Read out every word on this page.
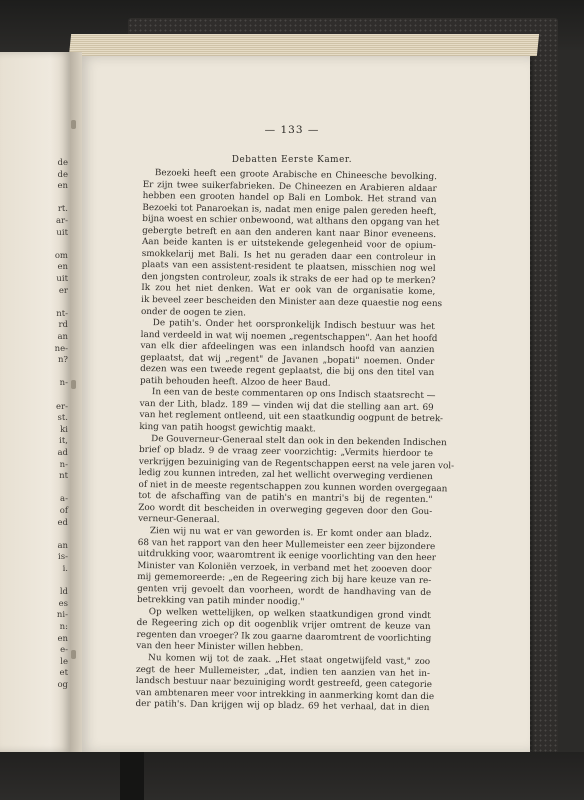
de
de
en
rt.
ar-
uit
om
en
uit
er
nt-
rd
an
ne-
n?
n-
er-
st.
ki
it,
ad
n-
nt
a-
of
ed
an
is-
i.
ld
es
ni-
n:
en
e-
le
et
og
— 133 —
Debatten Eerste Kamer.
Bezoeki heeft een groote Arabische en Chineesche bevolking.
Er zijn twee suikerfabrieken. De Chineezen en Arabieren aldaar
hebben een grooten handel op Bali en Lombok. Het strand van
Bezoeki tot Panaroekan is, nadat men enige palen gereden heeft,
bijna woest en schier onbewoond, wat althans den opgang van het
gebergte betreft en aan den anderen kant naar Binor eveneens.
Aan beide kanten is er uitstekende gelegenheid voor de opium-
smokkelarij met Bali. Is het nu geraden daar een controleur in
plaats van een assistent-resident te plaatsen, misschien nog wel
den jongsten controleur, zoals ik straks de eer had op te merken?
Ik zou het niet denken. Wat er ook van de organisatie kome,
ik beveel zeer bescheiden den Minister aan deze quaestie nog eens
onder de oogen te zien.
De patih's. Onder het oorspronkelijk Indisch bestuur was het
land verdeeld in wat wij noemen „regentschappen". Aan het hoofd
van elk dier afdeelingen was een inlandsch hoofd van aanzien
geplaatst, dat wij „regent" de Javanen „bopati" noemen. Onder
dezen was een tweede regent geplaatst, die bij ons den titel van
patih behouden heeft. Alzoo de heer Baud.
In een van de beste commentaren op ons Indisch staatsrecht —
van der Lith, bladz. 189 — vinden wij dat die stelling aan art. 69
van het reglement ontleend, uit een staatkundig oogpunt de betrek-
king van patih hoogst gewichtig maakt.
De Gouverneur-Generaal stelt dan ook in den bekenden Indischen
brief op bladz. 9 de vraag zeer voorzichtig: „Vermits hierdoor te
verkrijgen bezuiniging van de Regentschappen eerst na vele jaren vol-
ledig zou kunnen intreden, zal het wellicht overweging verdienen
of niet in de meeste regentschappen zou kunnen worden overgegaan
tot de afschaffing van de patih's en mantri's bij de regenten."
Zoo wordt dit bescheiden in overweging gegeven door den Gou-
verneur-Generaal.
Zien wij nu wat er van geworden is. Er komt onder aan bladz.
68 van het rapport van den heer Mullemeister een zeer bijzondere
uitdrukking voor, waaromtrent ik eenige voorlichting van den heer
Minister van Koloniën verzoek, in verband met het zooeven door
mij gememoreerde: „en de Regeering zich bij hare keuze van re-
genten vrij gevoelt dan voorheen, wordt de handhaving van de
betrekking van patih minder noodig."
Op welken wettelijken, op welken staatkundigen grond vindt
de Regeering zich op dit oogenblik vrijer omtrent de keuze van
regenten dan vroeger? Ik zou gaarne daaromtrent de voorlichting
van den heer Minister willen hebben.
Nu komen wij tot de zaak. „Het staat ongetwijfeld vast," zoo
zegt de heer Mullemeister, „dat, indien ten aanzien van het in-
landsch bestuur naar bezuiniging wordt gestreefd, geen categorie
van ambtenaren meer voor intrekking in aanmerking komt dan die
der patih's. Dan krijgen wij op bladz. 69 het verhaal, dat in dien
